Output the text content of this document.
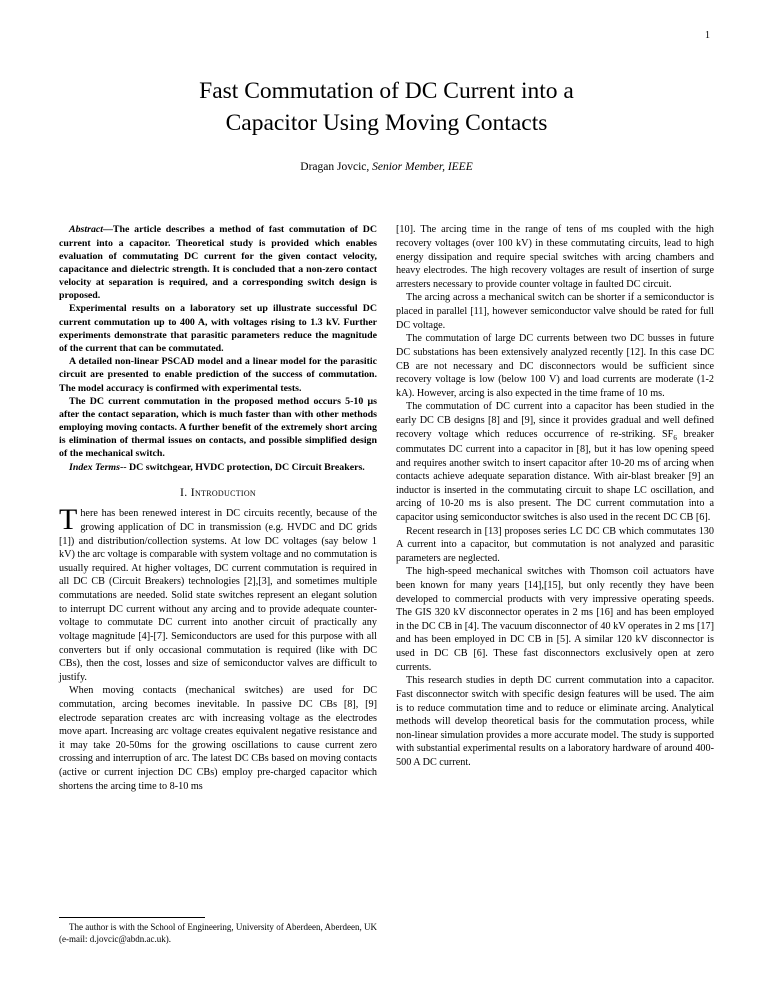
1
Fast Commutation of DC Current into a
Capacitor Using Moving Contacts
Dragan Jovcic, Senior Member, IEEE

Abstract—The article describes a method of fast commutation of DC current into a capacitor. Theoretical study is provided which enables evaluation of commutating DC current for the given contact velocity, capacitance and dielectric strength. It is concluded that a non-zero contact velocity at separation is required, and a corresponding switch design is proposed.

Experimental results on a laboratory set up illustrate successful DC current commutation up to 400 A, with voltages rising to 1.3 kV. Further experiments demonstrate that parasitic parameters reduce the magnitude of the current that can be commutated.

A detailed non-linear PSCAD model and a linear model for the parasitic circuit are presented to enable prediction of the success of commutation. The model accuracy is confirmed with experimental tests.

The DC current commutation in the proposed method occurs 5-10 μs after the contact separation, which is much faster than with other methods employing moving contacts. A further benefit of the extremely short arcing is elimination of thermal issues on contacts, and possible simplified design of the mechanical switch.

Index Terms-- DC switchgear, HVDC protection, DC Circuit Breakers.

I. Introduction

There has been renewed interest in DC circuits recently, because of the growing application of DC in transmission (e.g. HVDC and DC grids [1]) and distribution/collection systems. At low DC voltages (say below 1 kV) the arc voltage is comparable with system voltage and no commutation is usually required. At higher voltages, DC current commutation is required in all DC CB (Circuit Breakers) technologies [2],[3], and sometimes multiple commutations are needed. Solid state switches represent an elegant solution to interrupt DC current without any arcing and to provide adequate counter-voltage to commutate DC current into another circuit of practically any voltage magnitude [4]-[7]. Semiconductors are used for this purpose with all converters but if only occasional commutation is required (like with DC CBs), then the cost, losses and size of semiconductor valves are difficult to justify.

When moving contacts (mechanical switches) are used for DC commutation, arcing becomes inevitable. In passive DC CBs [8], [9] electrode separation creates arc with increasing voltage as the electrodes move apart. Increasing arc voltage creates equivalent negative resistance and it may take 20-50ms for the growing oscillations to cause current zero crossing and interruption of arc. The latest DC CBs based on moving contacts (active or current injection DC CBs) employ pre-charged capacitor which shortens the arcing time to 8-10 ms

The author is with the School of Engineering, University of Aberdeen, Aberdeen, UK (e-mail: d.jovcic@abdn.ac.uk).

[10]. The arcing time in the range of tens of ms coupled with the high recovery voltages (over 100 kV) in these commutating circuits, lead to high energy dissipation and require special switches with arcing chambers and heavy electrodes. The high recovery voltages are result of insertion of surge arresters necessary to provide counter voltage in faulted DC circuit.

The arcing across a mechanical switch can be shorter if a semiconductor is placed in parallel [11], however semiconductor valve should be rated for full DC voltage.

The commutation of large DC currents between two DC busses in future DC substations has been extensively analyzed recently [12]. In this case DC CB are not necessary and DC disconnectors would be sufficient since recovery voltage is low (below 100 V) and load currents are moderate (1-2 kA). However, arcing is also expected in the time frame of 10 ms.

The commutation of DC current into a capacitor has been studied in the early DC CB designs [8] and [9], since it provides gradual and well defined recovery voltage which reduces occurrence of re-striking. $SF_6$ breaker commutates DC current into a capacitor in [8], but it has low opening speed and requires another switch to insert capacitor after 10-20 ms of arcing when contacts achieve adequate separation distance. With air-blast breaker [9] an inductor is inserted in the commutating circuit to shape LC oscillation, and arcing of 10-20 ms is also present. The DC current commutation into a capacitor using semiconductor switches is also used in the recent DC CB [6].

Recent research in [13] proposes series LC DC CB which commutates 130 A current into a capacitor, but commutation is not analyzed and parasitic parameters are neglected.

The high-speed mechanical switches with Thomson coil actuators have been known for many years [14],[15], but only recently they have been developed to commercial products with very impressive operating speeds. The GIS 320 kV disconnector operates in 2 ms [16] and has been employed in the DC CB in [4]. The vacuum disconnector of 40 kV operates in 2 ms [17] and has been employed in DC CB in [5]. A similar 120 kV disconnector is used in DC CB [6]. These fast disconnectors exclusively open at zero currents.

This research studies in depth DC current commutation into a capacitor. Fast disconnector switch with specific design features will be used. The aim is to reduce commutation time and to reduce or eliminate arcing. Analytical methods will develop theoretical basis for the commutation process, while non-linear simulation provides a more accurate model. The study is supported with substantial experimental results on a laboratory hardware of around 400-500 A DC current.
